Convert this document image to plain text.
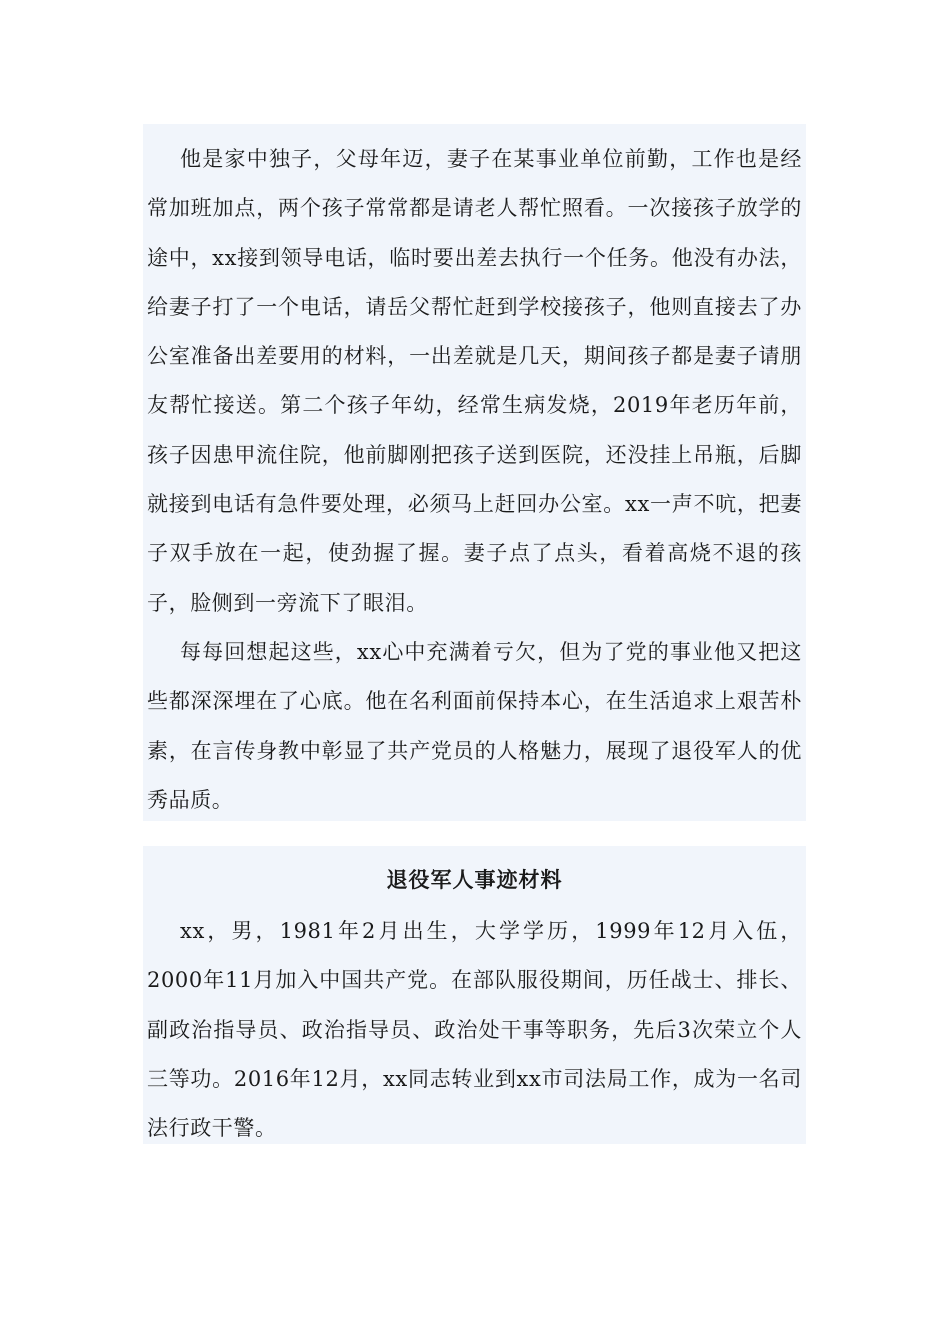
他是家中独子，父母年迈，妻子在某事业单位前勤，工作也是经常加班加点，两个孩子常常都是请老人帮忙照看。一次接孩子放学的途中，xx接到领导电话，临时要出差去执行一个任务。他没有办法，给妻子打了一个电话，请岳父帮忙赶到学校接孩子，他则直接去了办公室准备出差要用的材料，一出差就是几天，期间孩子都是妻子请朋友帮忙接送。第二个孩子年幼，经常生病发烧，2019年老历年前，孩子因患甲流住院，他前脚刚把孩子送到医院，还没挂上吊瓶，后脚就接到电话有急件要处理，必须马上赶回办公室。xx一声不吭，把妻子双手放在一起，使劲握了握。妻子点了点头，看着高烧不退的孩子，脸侧到一旁流下了眼泪。

每每回想起这些，xx心中充满着亏欠，但为了党的事业他又把这些都深深埋在了心底。他在名利面前保持本心，在生活追求上艰苦朴素，在言传身教中彰显了共产党员的人格魅力，展现了退役军人的优秀品质。

退役军人事迹材料

xx，男，1981年2月出生，大学学历，1999年12月入伍，2000年11月加入中国共产党。在部队服役期间，历任战士、排长、副政治指导员、政治指导员、政治处干事等职务，先后3次荣立个人三等功。2016年12月，xx同志转业到xx市司法局工作，成为一名司法行政干警。
